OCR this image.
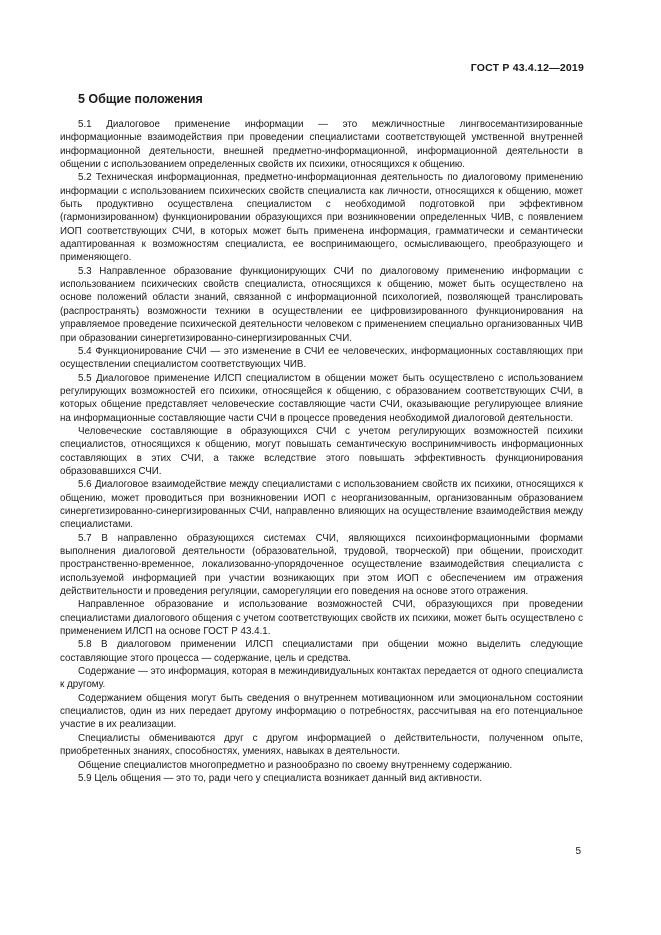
ГОСТ Р 43.4.12—2019
5 Общие положения

5.1 Диалоговое применение информации — это межличностные лингвосемантизированные информационные взаимодействия при проведении специалистами соответствующей умственной внутренней информационной деятельности, внешней предметно-информационной, информационной деятельности в общении с использованием определенных свойств их психики, относящихся к общению.

5.2 Техническая информационная, предметно-информационная деятельность по диалоговому применению информации с использованием психических свойств специалиста как личности, относящихся к общению, может быть продуктивно осуществлена специалистом с необходимой подготовкой при эффективном (гармонизированном) функционировании образующихся при возникновении определенных ЧИВ, с появлением ИОП соответствующих СЧИ, в которых может быть применена информация, грамматически и семантически адаптированная к возможностям специалиста, ее воспринимающего, осмысливающего, преобразующего и применяющего.

5.3 Направленное образование функционирующих СЧИ по диалоговому применению информации с использованием психических свойств специалиста, относящихся к общению, может быть осуществлено на основе положений области знаний, связанной с информационной психологией, позволяющей транслировать (распространять) возможности техники в осуществлении ее цифровизированного функционирования на управляемое проведение психической деятельности человеком с применением специально организованных ЧИВ при образовании синергетизированно-синергизированных СЧИ.

5.4 Функционирование СЧИ — это изменение в СЧИ ее человеческих, информационных составляющих при осуществлении специалистом соответствующих ЧИВ.

5.5 Диалоговое применение ИЛСП специалистом в общении может быть осуществлено с использованием регулирующих возможностей его психики, относящейся к общению, с образованием соответствующих СЧИ, в которых общение представляет человеческие составляющие части СЧИ, оказывающие регулирующее влияние на информационные составляющие части СЧИ в процессе проведения необходимой диалоговой деятельности.

Человеческие составляющие в образующихся СЧИ с учетом регулирующих возможностей психики специалистов, относящихся к общению, могут повышать семантическую воспринимчивость информационных составляющих в этих СЧИ, а также вследствие этого повышать эффективность функционирования образовавшихся СЧИ.

5.6 Диалоговое взаимодействие между специалистами с использованием свойств их психики, относящихся к общению, может проводиться при возникновении ИОП с неорганизованным, организованным образованием синергетизированно-синергизированных СЧИ, направленно влияющих на осуществление взаимодействия между специалистами.

5.7 В направленно образующихся системах СЧИ, являющихся психоинформационными формами выполнения диалоговой деятельности (образовательной, трудовой, творческой) при общении, происходит пространственно-временное, локализованно-упорядоченное осуществление взаимодействия специалиста с используемой информацией при участии возникающих при этом ИОП с обеспечением им отражения действительности и проведения регуляции, саморегуляции его поведения на основе этого отражения.

Направленное образование и использование возможностей СЧИ, образующихся при проведении специалистами диалогового общения с учетом соответствующих свойств их психики, может быть осуществлено с применением ИЛСП на основе ГОСТ Р 43.4.1.

5.8 В диалоговом применении ИЛСП специалистами при общении можно выделить следующие составляющие этого процесса — содержание, цель и средства.

Содержание — это информация, которая в межиндивидуальных контактах передается от одного специалиста к другому.

Содержанием общения могут быть сведения о внутреннем мотивационном или эмоциональном состоянии специалистов, один из них передает другому информацию о потребностях, рассчитывая на его потенциальное участие в их реализации.

Специалисты обмениваются друг с другом информацией о действительности, полученном опыте, приобретенных знаниях, способностях, умениях, навыках в деятельности.

Общение специалистов многопредметно и разнообразно по своему внутреннему содержанию.

5.9 Цель общения — это то, ради чего у специалиста возникает данный вид активности.

5
